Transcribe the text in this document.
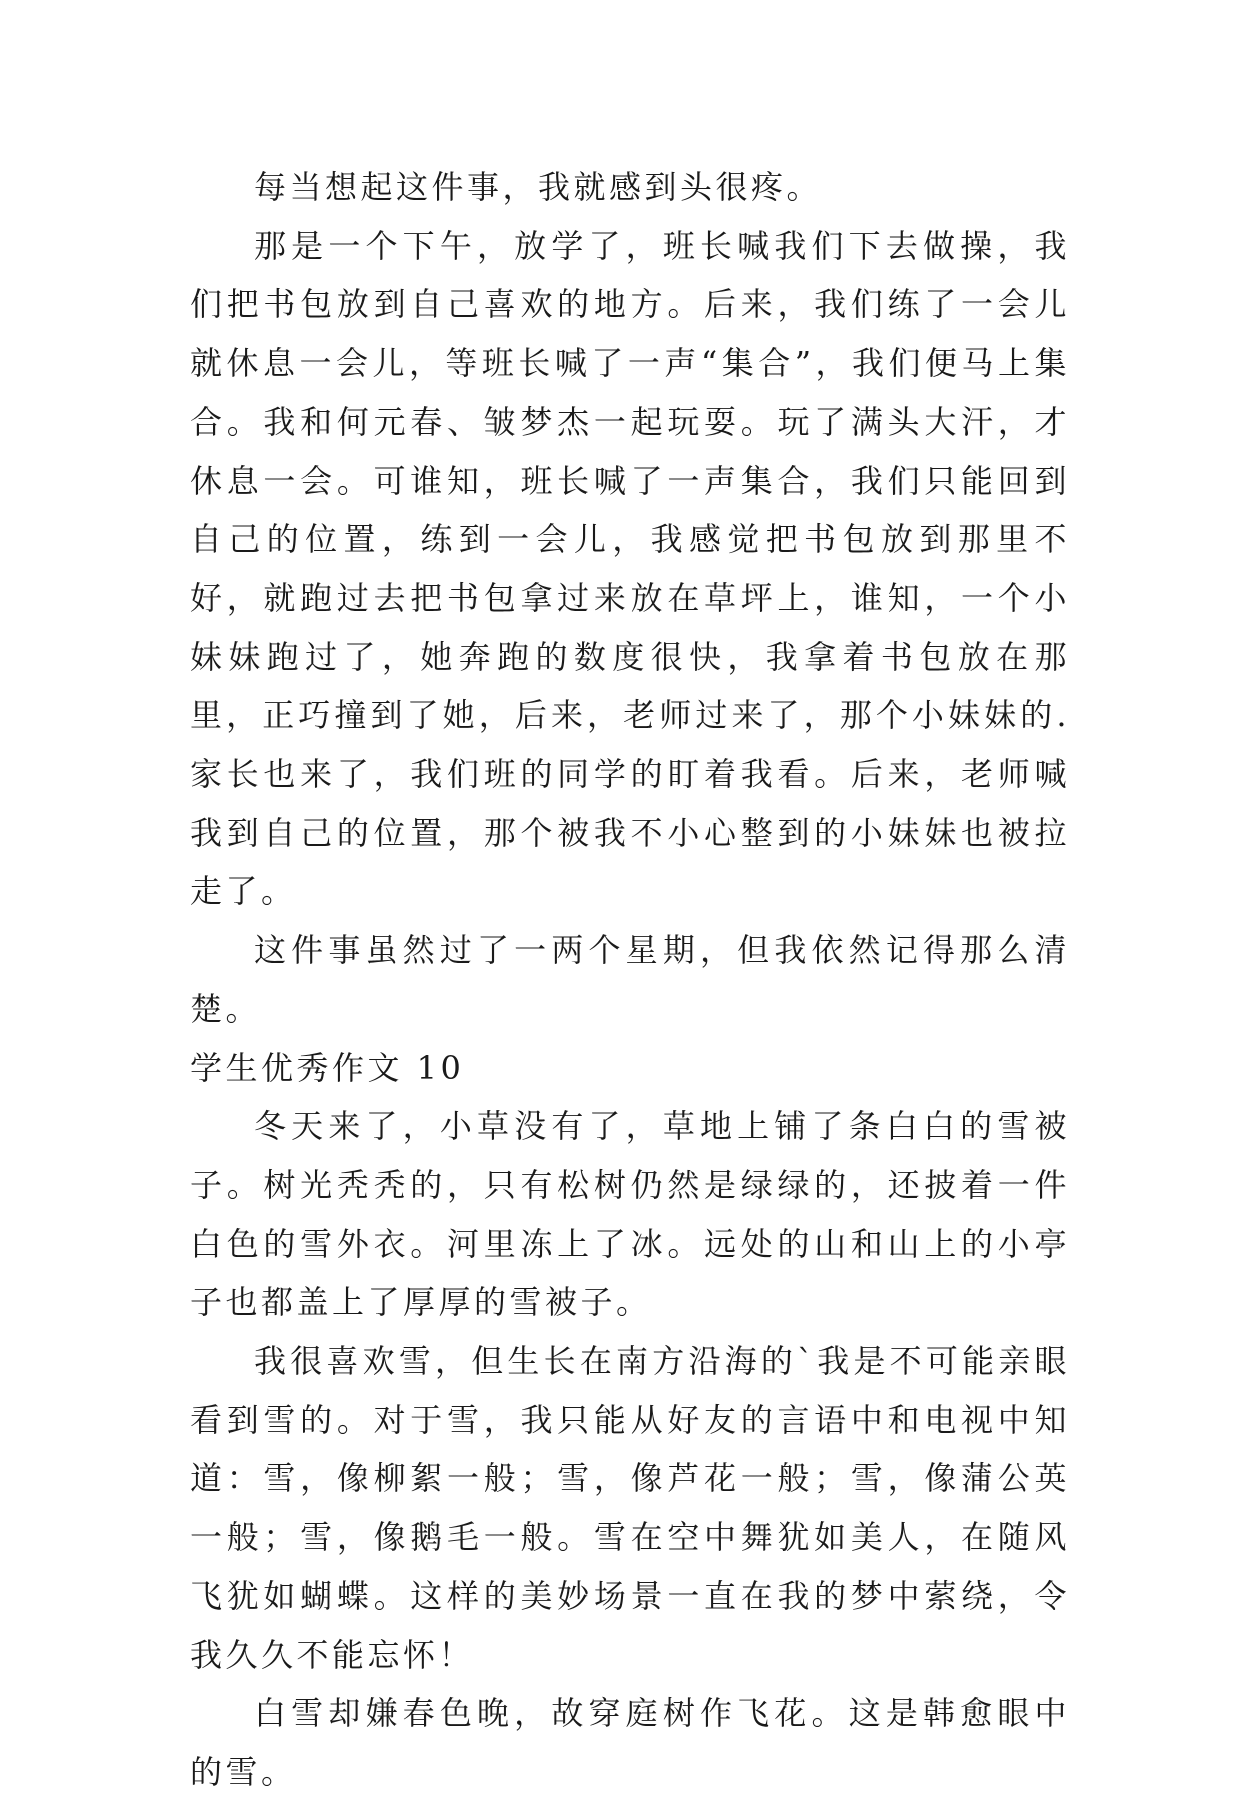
每当想起这件事，我就感到头很疼。

那是一个下午，放学了，班长喊我们下去做操，我们把书包放到自己喜欢的地方。后来，我们练了一会儿就休息一会儿，等班长喊了一声“集合”，我们便马上集合。我和何元春、皱梦杰一起玩耍。玩了满头大汗，才休息一会。可谁知，班长喊了一声集合，我们只能回到自己的位置，练到一会儿，我感觉把书包放到那里不好，就跑过去把书包拿过来放在草坪上，谁知，一个小妹妹跑过了，她奔跑的数度很快，我拿着书包放在那里，正巧撞到了她，后来，老师过来了，那个小妹妹的.家长也来了，我们班的同学的盯着我看。后来，老师喊我到自己的位置，那个被我不小心整到的小妹妹也被拉走了。

这件事虽然过了一两个星期，但我依然记得那么清楚。

学生优秀作文 10

冬天来了，小草没有了，草地上铺了条白白的雪被子。树光秃秃的，只有松树仍然是绿绿的，还披着一件白色的雪外衣。河里冻上了冰。远处的山和山上的小亭子也都盖上了厚厚的雪被子。

我很喜欢雪，但生长在南方沿海的`我是不可能亲眼看到雪的。对于雪，我只能从好友的言语中和电视中知道：雪，像柳絮一般；雪，像芦花一般；雪，像蒲公英一般；雪，像鹅毛一般。雪在空中舞犹如美人，在随风飞犹如蝴蝶。这样的美妙场景一直在我的梦中萦绕，令我久久不能忘怀！

白雪却嫌春色晚，故穿庭树作飞花。这是韩愈眼中的雪。
